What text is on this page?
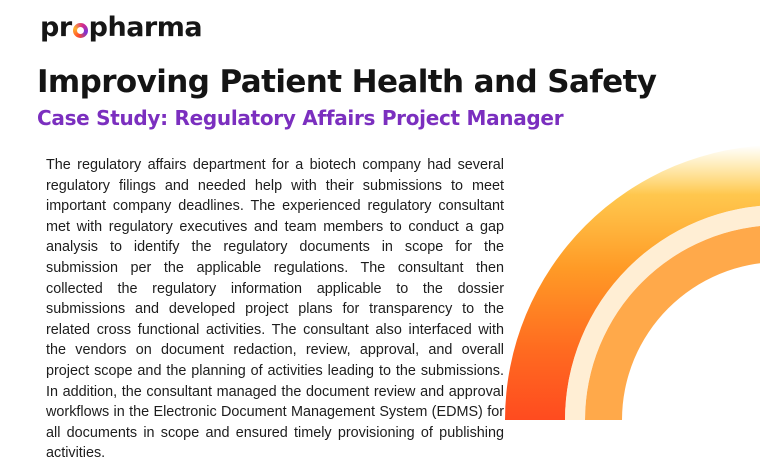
pr pharma
Improving Patient Health and Safety
Case Study: Regulatory Affairs Project Manager

The regulatory affairs department for a biotech company had several regulatory filings and needed help with their submissions to meet important company deadlines. The experienced regulatory consultant met with regulatory executives and team members to conduct a gap analysis to identify the regulatory documents in scope for the submission per the applicable regulations. The consultant then collected the regulatory information applicable to the dossier submissions and developed project plans for transparency to the related cross functional activities. The consultant also interfaced with the vendors on document redaction, review, approval, and overall project scope and the planning of activities leading to the submissions. In addition, the consultant managed the document review and approval workflows in the Electronic Document Management System (EDMS) for all documents in scope and ensured timely provisioning of publishing activities.
